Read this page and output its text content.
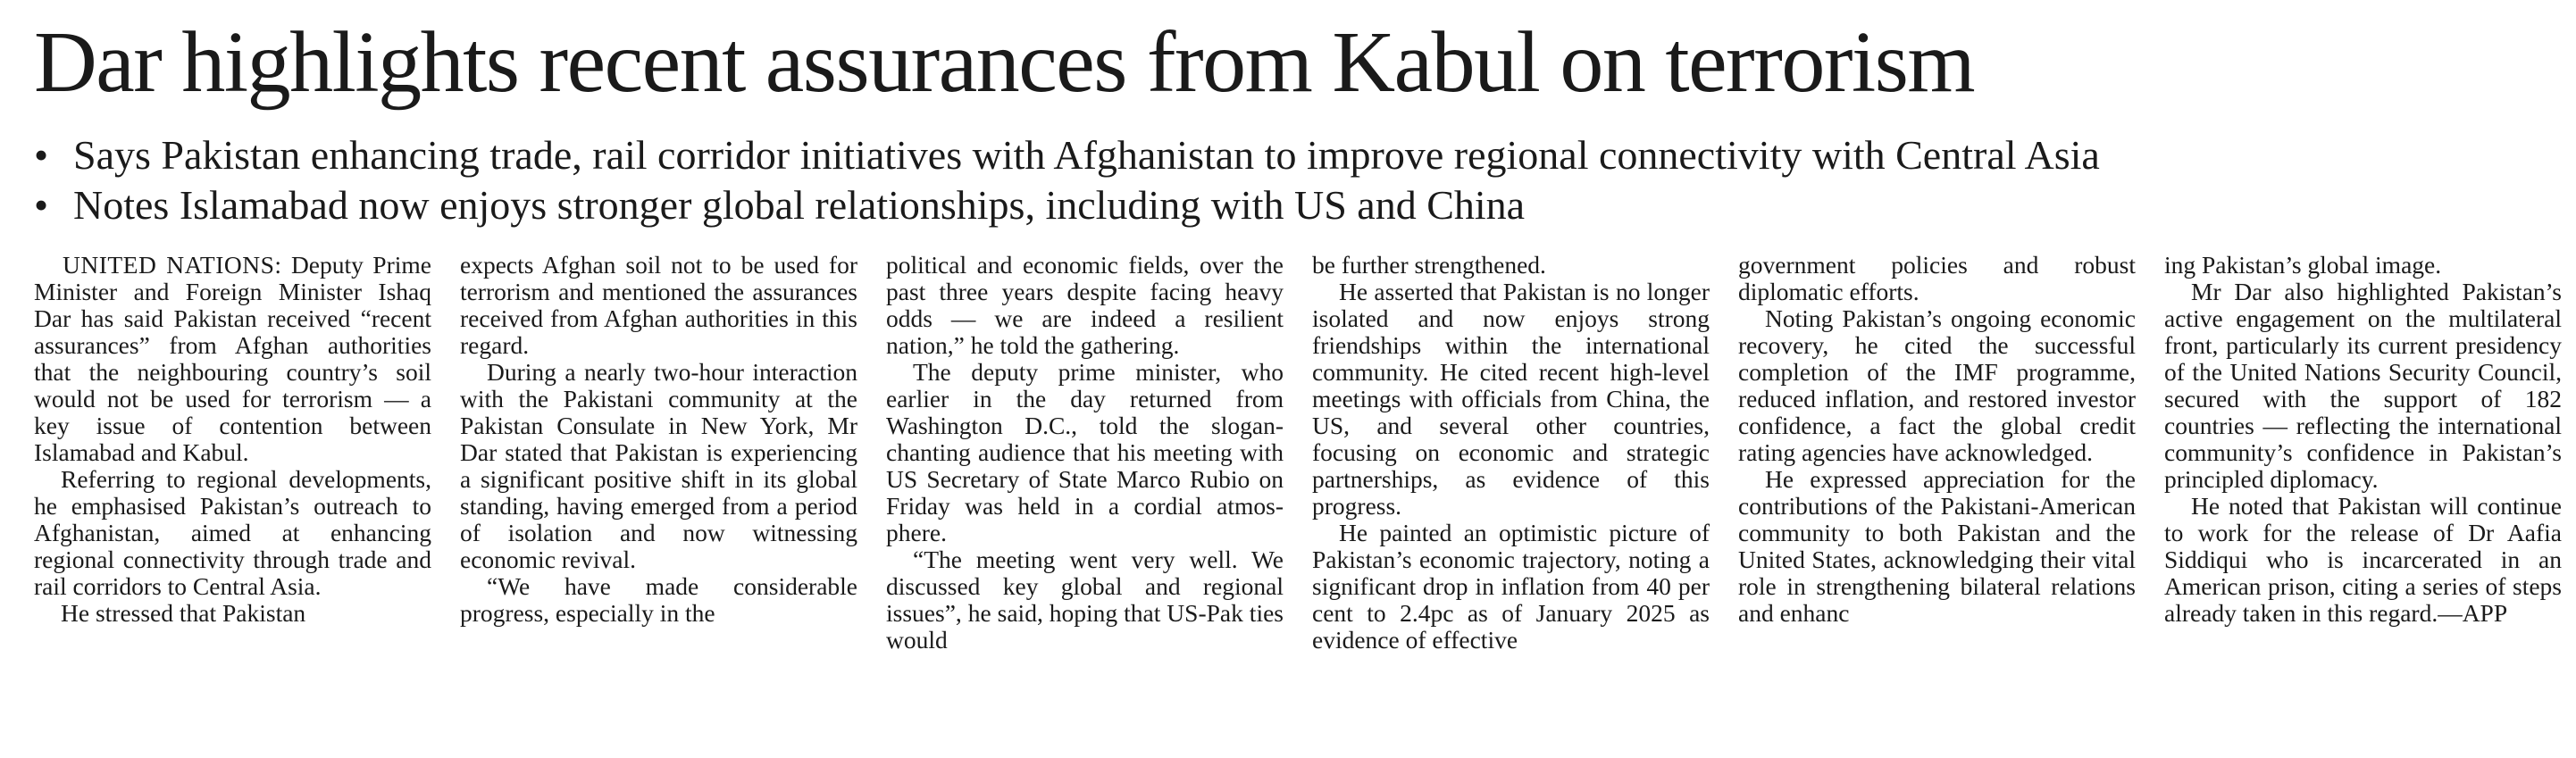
Dar highlights recent assurances from Kabul on terrorism
• Says Pakistan enhancing trade, rail corridor initiatives with Afghanistan to improve regional connectivity with Central Asia
• Notes Islamabad now enjoys stronger global relationships, including with US and China

UNITED NATIONS: Deputy Prime Minister and Foreign Minister Ishaq Dar has said Pakistan received “recent assurances” from Afghan authorities that the neighbouring country’s soil would not be used for terrorism — a key issue of contention between Islamabad and Kabul.

Referring to regional developments, he emphasised Pakistan’s outreach to Afghanistan, aimed at enhancing regional connectivity through trade and rail corridors to Central Asia.

He stressed that Pakistan

expects Afghan soil not to be used for terrorism and mentioned the assurances received from Afghan authorities in this regard.

During a nearly two-hour interaction with the Pakistani community at the Pakistan Consulate in New York, Mr Dar stated that Pakistan is experiencing a significant positive shift in its global standing, having emerged from a period of isolation and now witnessing economic revival.

“We have made considerable progress, especially in the

political and economic fields, over the past three years despite facing heavy odds — we are indeed a resilient nation,” he told the gathering.

The deputy prime minister, who earlier in the day returned from Washington D.C., told the slogan-chanting audience that his meeting with US Secretary of State Marco Rubio on Friday was held in a cordial atmosphere.

“The meeting went very well. We discussed key global and regional issues”, he said, hoping that US-Pak ties would

be further strengthened.

He asserted that Pakistan is no longer isolated and now enjoys strong friendships within the international community. He cited recent high-level meetings with officials from China, the US, and several other countries, focusing on economic and strategic partnerships, as evidence of this progress.

He painted an optimistic picture of Pakistan’s economic trajectory, noting a significant drop in inflation from 40 per cent to 2.4pc as of January 2025 as evidence of effective

government policies and robust diplomatic efforts.

Noting Pakistan’s ongoing economic recovery, he cited the successful completion of the IMF programme, reduced inflation, and restored investor confidence, a fact the global credit rating agencies have acknowledged.

He expressed appreciation for the contributions of the Pakistani-American community to both Pakistan and the United States, acknowledging their vital role in strengthening bilateral relations and enhanc

ing Pakistan’s global image.

Mr Dar also highlighted Pakistan’s active engagement on the multilateral front, particularly its current presidency of the United Nations Security Council, secured with the support of 182 countries — reflecting the international community’s confidence in Pakistan’s principled diplomacy.

He noted that Pakistan will continue to work for the release of Dr Aafia Siddiqui who is incarcerated in an American prison, citing a series of steps already taken in this regard.—APP
